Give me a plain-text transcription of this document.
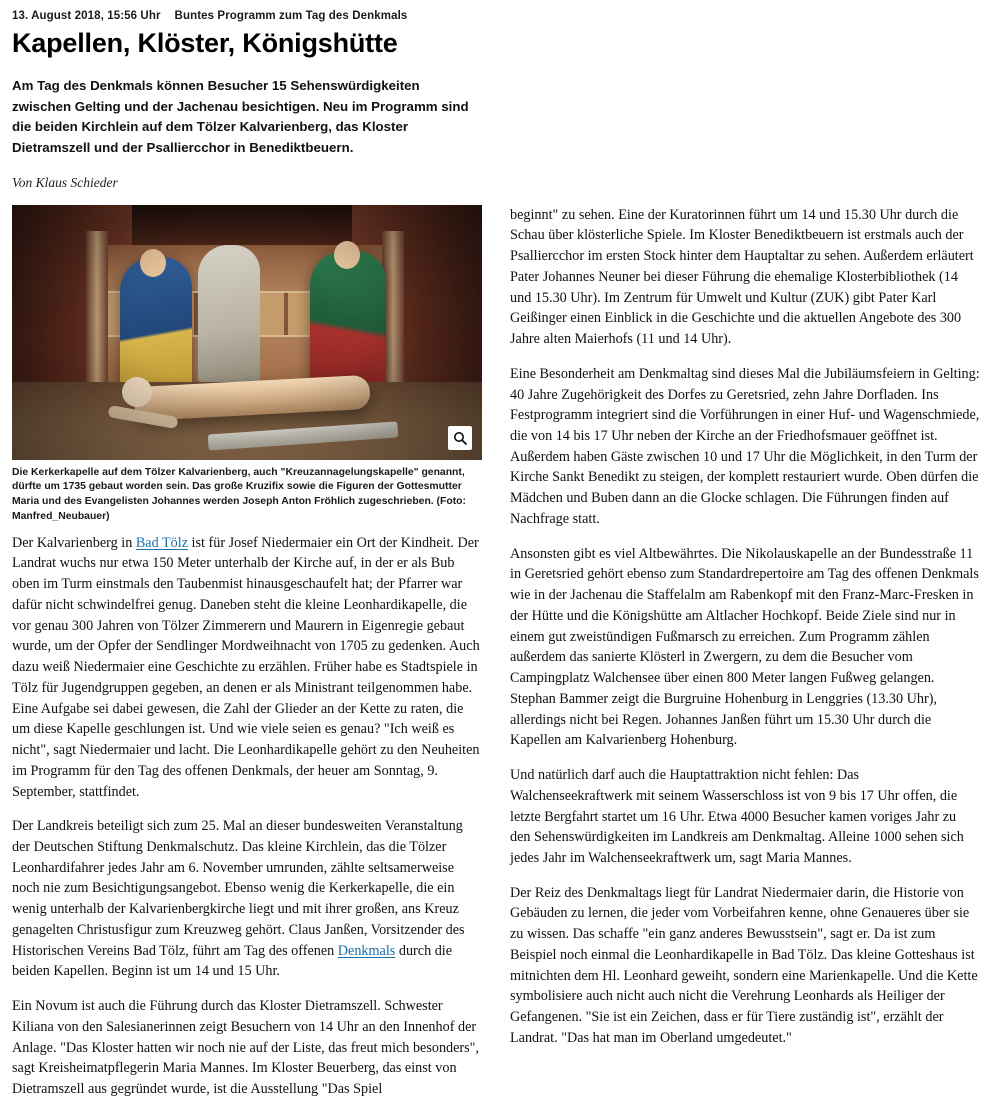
13. August 2018, 15:56 Uhr Buntes Programm zum Tag des Denkmals
Kapellen, Klöster, Königshütte

Am Tag des Denkmals können Besucher 15 Sehenswürdigkeiten zwischen Gelting und der Jachenau besichtigen. Neu im Programm sind die beiden Kirchlein auf dem Tölzer Kalvarienberg, das Kloster Dietramszell und der Psalliercchor in Benediktbeuern.

Von Klaus Schieder

Die Kerkerkapelle auf dem Tölzer Kalvarienberg, auch "Kreuzannagelungskapelle" genannt, dürfte um 1735 gebaut worden sein. Das große Kruzifix sowie die Figuren der Gottesmutter Maria und des Evangelisten Johannes werden Joseph Anton Fröhlich zugeschrieben. (Foto: Manfred_Neubauer)

Der Kalvarienberg in Bad Tölz ist für Josef Niedermaier ein Ort der Kindheit. Der Landrat wuchs nur etwa 150 Meter unterhalb der Kirche auf, in der er als Bub oben im Turm einstmals den Taubenmist hinausgeschaufelt hat; der Pfarrer war dafür nicht schwindelfrei genug. Daneben steht die kleine Leonhardikapelle, die vor genau 300 Jahren von Tölzer Zimmerern und Maurern in Eigenregie gebaut wurde, um der Opfer der Sendlinger Mordweihnacht von 1705 zu gedenken. Auch dazu weiß Niedermaier eine Geschichte zu erzählen. Früher habe es Stadtspiele in Tölz für Jugendgruppen gegeben, an denen er als Ministrant teilgenommen habe. Eine Aufgabe sei dabei gewesen, die Zahl der Glieder an der Kette zu raten, die um diese Kapelle geschlungen ist. Und wie viele seien es genau? "Ich weiß es nicht", sagt Niedermaier und lacht. Die Leonhardikapelle gehört zu den Neuheiten im Programm für den Tag des offenen Denkmals, der heuer am Sonntag, 9. September, stattfindet.

Der Landkreis beteiligt sich zum 25. Mal an dieser bundesweiten Veranstaltung der Deutschen Stiftung Denkmalschutz. Das kleine Kirchlein, das die Tölzer Leonhardifahrer jedes Jahr am 6. November umrunden, zählte seltsamerweise noch nie zum Besichtigungsangebot. Ebenso wenig die Kerkerkapelle, die ein wenig unterhalb der Kalvarienbergkirche liegt und mit ihrer großen, ans Kreuz genagelten Christusfigur zum Kreuzweg gehört. Claus Janßen, Vorsitzender des Historischen Vereins Bad Tölz, führt am Tag des offenen Denkmals durch die beiden Kapellen. Beginn ist um 14 und 15 Uhr.

Ein Novum ist auch die Führung durch das Kloster Dietramszell. Schwester Kiliana von den Salesianerinnen zeigt Besuchern von 14 Uhr an den Innenhof der Anlage. "Das Kloster hatten wir noch nie auf der Liste, das freut mich besonders", sagt Kreisheimatpflegerin Maria Mannes. Im Kloster Beuerberg, das einst von Dietramszell aus gegründet wurde, ist die Ausstellung "Das Spiel

beginnt" zu sehen. Eine der Kuratorinnen führt um 14 und 15.30 Uhr durch die Schau über klösterliche Spiele. Im Kloster Benediktbeuern ist erstmals auch der Psalliercchor im ersten Stock hinter dem Hauptaltar zu sehen. Außerdem erläutert Pater Johannes Neuner bei dieser Führung die ehemalige Klosterbibliothek (14 und 15.30 Uhr). Im Zentrum für Umwelt und Kultur (ZUK) gibt Pater Karl Geißinger einen Einblick in die Geschichte und die aktuellen Angebote des 300 Jahre alten Maierhofs (11 und 14 Uhr).

Eine Besonderheit am Denkmaltag sind dieses Mal die Jubiläumsfeiern in Gelting: 40 Jahre Zugehörigkeit des Dorfes zu Geretsried, zehn Jahre Dorfladen. Ins Festprogramm integriert sind die Vorführungen in einer Huf- und Wagenschmiede, die von 14 bis 17 Uhr neben der Kirche an der Friedhofsmauer geöffnet ist. Außerdem haben Gäste zwischen 10 und 17 Uhr die Möglichkeit, in den Turm der Kirche Sankt Benedikt zu steigen, der komplett restauriert wurde. Oben dürfen die Mädchen und Buben dann an die Glocke schlagen. Die Führungen finden auf Nachfrage statt.

Ansonsten gibt es viel Altbewährtes. Die Nikolauskapelle an der Bundesstraße 11 in Geretsried gehört ebenso zum Standardrepertoire am Tag des offenen Denkmals wie in der Jachenau die Staffelalm am Rabenkopf mit den Franz-Marc-Fresken in der Hütte und die Königshütte am Altlacher Hochkopf. Beide Ziele sind nur in einem gut zweistündigen Fußmarsch zu erreichen. Zum Programm zählen außerdem das sanierte Klösterl in Zwergern, zu dem die Besucher vom Campingplatz Walchensee über einen 800 Meter langen Fußweg gelangen. Stephan Bammer zeigt die Burgruine Hohenburg in Lenggries (13.30 Uhr), allerdings nicht bei Regen. Johannes Janßen führt um 15.30 Uhr durch die Kapellen am Kalvarienberg Hohenburg.

Und natürlich darf auch die Hauptattraktion nicht fehlen: Das Walchenseekraftwerk mit seinem Wasserschloss ist von 9 bis 17 Uhr offen, die letzte Bergfahrt startet um 16 Uhr. Etwa 4000 Besucher kamen voriges Jahr zu den Sehenswürdigkeiten im Landkreis am Denkmaltag. Alleine 1000 sehen sich jedes Jahr im Walchenseekraftwerk um, sagt Maria Mannes.

Der Reiz des Denkmaltags liegt für Landrat Niedermaier darin, die Historie von Gebäuden zu lernen, die jeder vom Vorbeifahren kenne, ohne Genaueres über sie zu wissen. Das schaffe "ein ganz anderes Bewusstsein", sagt er. Da ist zum Beispiel noch einmal die Leonhardikapelle in Bad Tölz. Das kleine Gotteshaus ist mitnichten dem Hl. Leonhard geweiht, sondern eine Marienkapelle. Und die Kette symbolisiere auch nicht auch nicht die Verehrung Leonhards als Heiliger der Gefangenen. "Sie ist ein Zeichen, dass er für Tiere zuständig ist", erzählt der Landrat. "Das hat man im Oberland umgedeutet."
